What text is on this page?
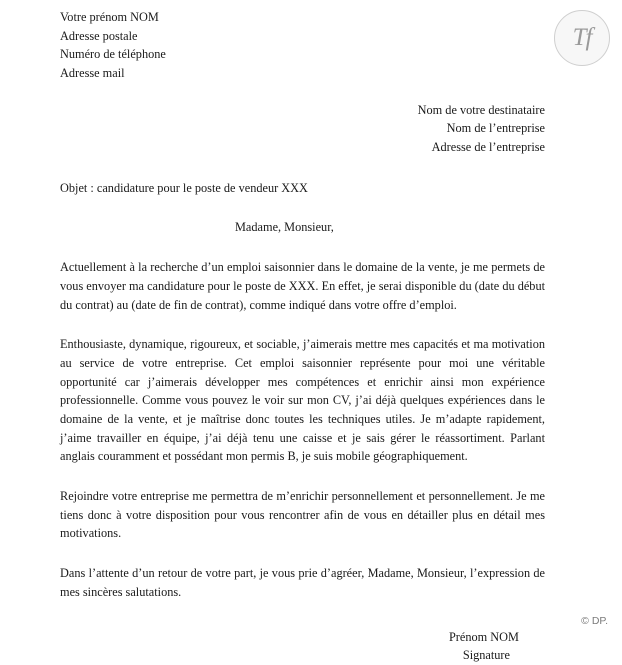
Tf
Votre prénom NOM
Adresse postale
Numéro de téléphone
Adresse mail
Nom de votre destinataire
Nom de l’entreprise
Adresse de l’entreprise
Objet : candidature pour le poste de vendeur XXX
Madame, Monsieur,

Actuellement à la recherche d’un emploi saisonnier dans le domaine de la vente, je me permets de vous envoyer ma candidature pour le poste de XXX. En effet, je serai disponible du (date du début du contrat) au (date de fin de contrat), comme indiqué dans votre offre d’emploi.

Enthousiaste, dynamique, rigoureux, et sociable, j’aimerais mettre mes capacités et ma motivation au service de votre entreprise. Cet emploi saisonnier représente pour moi une véritable opportunité car j’aimerais développer mes compétences et enrichir ainsi mon expérience professionnelle. Comme vous pouvez le voir sur mon CV, j’ai déjà quelques expériences dans le domaine de la vente, et je maîtrise donc toutes les techniques utiles. Je m’adapte rapidement, j’aime travailler en équipe, j’ai déjà tenu une caisse et je sais gérer le réassortiment. Parlant anglais couramment et possédant mon permis B, je suis mobile géographiquement.

Rejoindre votre entreprise me permettra de m’enrichir personnellement et personnellement. Je me tiens donc à votre disposition pour vous rencontrer afin de vous en détailler plus en détail mes motivations.

Dans l’attente d’un retour de votre part, je vous prie d’agréer, Madame, Monsieur, l’expression de mes sincères salutations.

Prénom NOM
Signature
© DP.
